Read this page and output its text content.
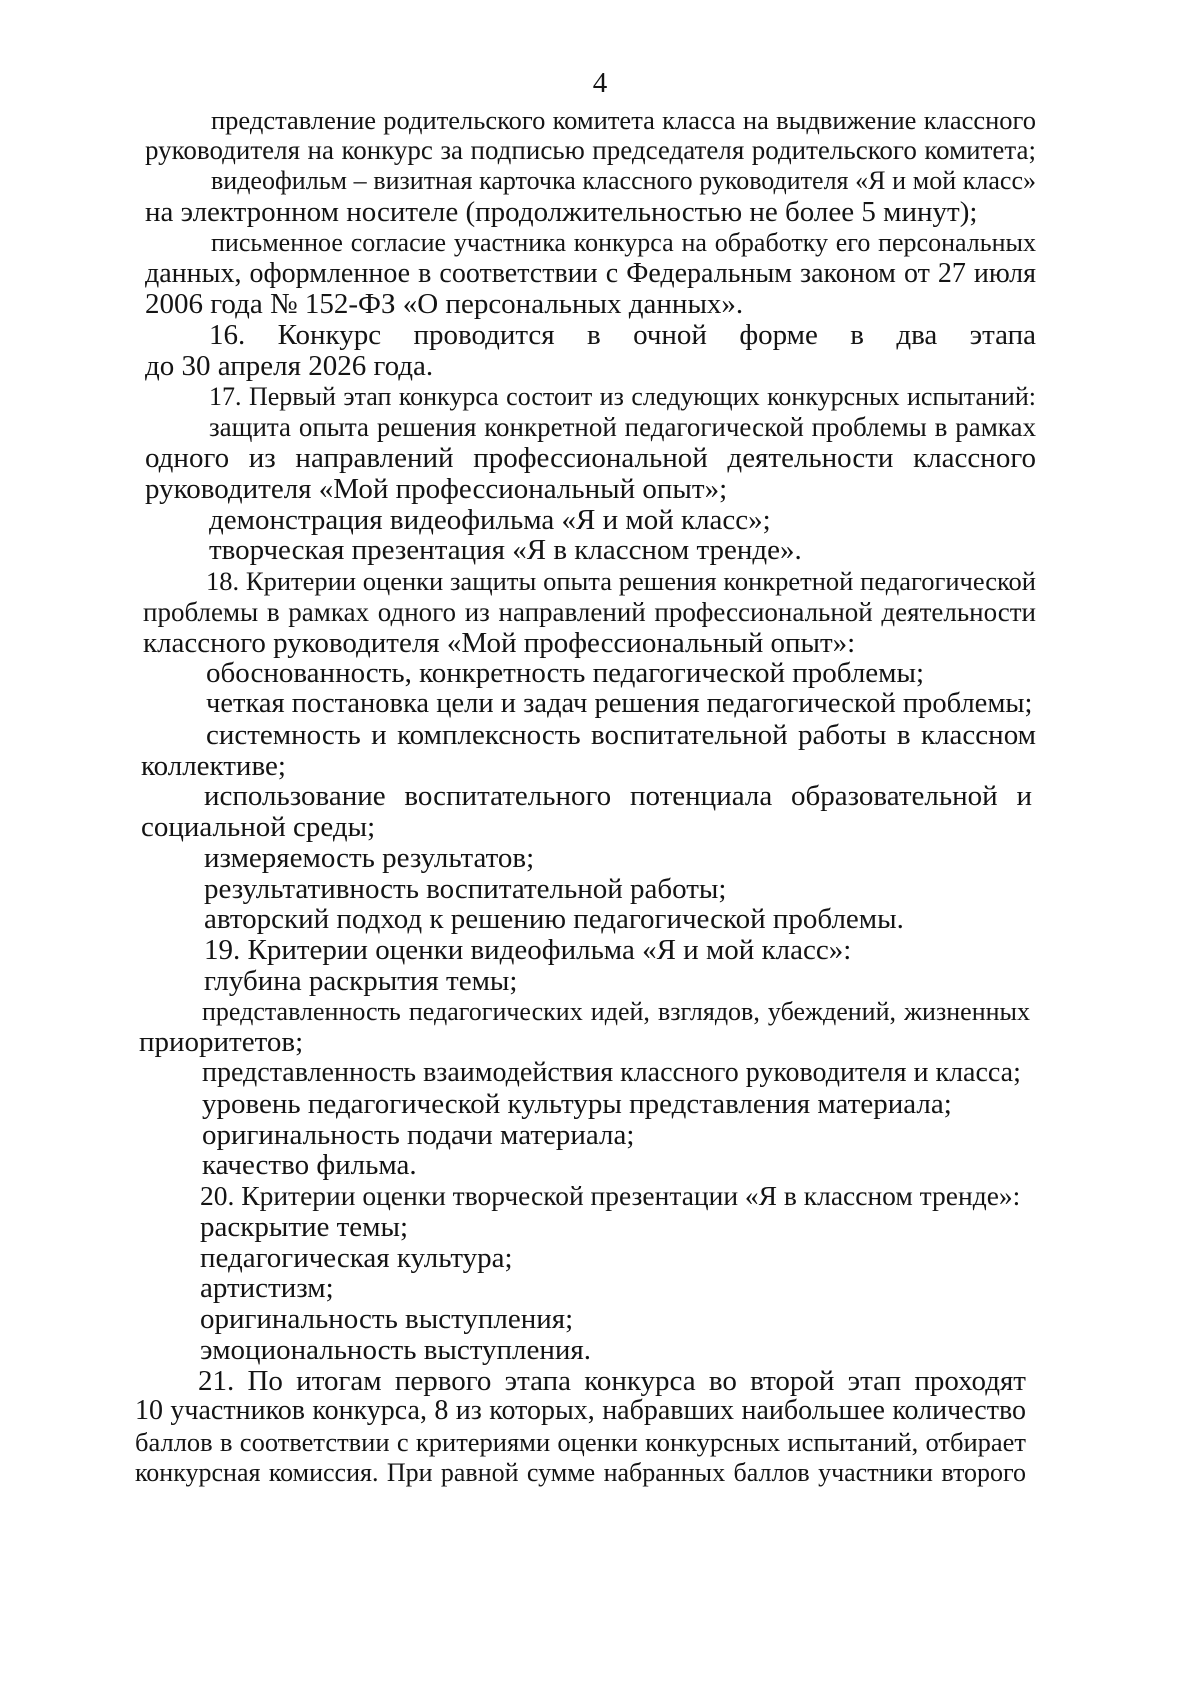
4
представление родительского комитета класса на выдвижение классного
руководителя на конкурс за подписью председателя родительского комитета;
видеофильм – визитная карточка классного руководителя «Я и мой класс»
на электронном носителе (продолжительностью не более 5 минут);
письменное согласие участника конкурса на обработку его персональных
данных, оформленное в соответствии с Федеральным законом от 27 июля
2006 года № 152-ФЗ «О персональных данных».
16. Конкурс проводится в очной форме в два этапа
до 30 апреля 2026 года.
17. Первый этап конкурса состоит из следующих конкурсных испытаний:
защита опыта решения конкретной педагогической проблемы в рамках
одного из направлений профессиональной деятельности классного
руководителя «Мой профессиональный опыт»;
демонстрация видеофильма «Я и мой класс»;
творческая презентация «Я в классном тренде».
18. Критерии оценки защиты опыта решения конкретной педагогической
проблемы в рамках одного из направлений профессиональной деятельности
классного руководителя «Мой профессиональный опыт»:
обоснованность, конкретность педагогической проблемы;
четкая постановка цели и задач решения педагогической проблемы;
системность и комплексность воспитательной работы в классном
коллективе;
использование воспитательного потенциала образовательной и
социальной среды;
измеряемость результатов;
результативность воспитательной работы;
авторский подход к решению педагогической проблемы.
19. Критерии оценки видеофильма «Я и мой класс»:
глубина раскрытия темы;
представленность педагогических идей, взглядов, убеждений, жизненных
приоритетов;
представленность взаимодействия классного руководителя и класса;
уровень педагогической культуры представления материала;
оригинальность подачи материала;
качество фильма.
20. Критерии оценки творческой презентации «Я в классном тренде»:
раскрытие темы;
педагогическая культура;
артистизм;
оригинальность выступления;
эмоциональность выступления.
21. По итогам первого этапа конкурса во второй этап проходят
10 участников конкурса, 8 из которых, набравших наибольшее количество
баллов в соответствии с критериями оценки конкурсных испытаний, отбирает
конкурсная комиссия. При равной сумме набранных баллов участники второго
